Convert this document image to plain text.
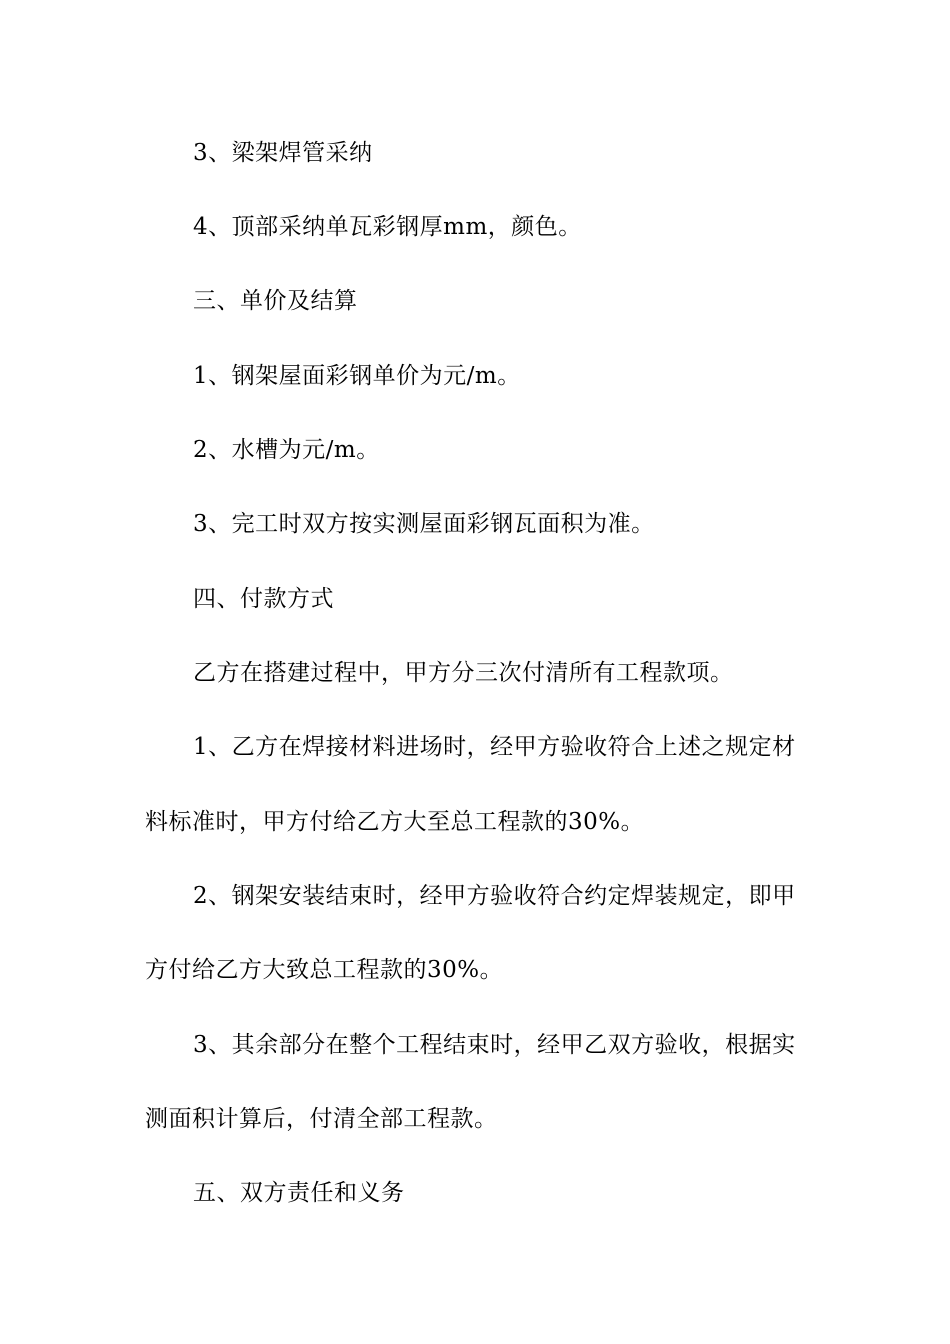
3、梁架焊管采纳
4、顶部采纳单瓦彩钢厚mm，颜色。
三、单价及结算
1、钢架屋面彩钢单价为元/m。
2、水槽为元/m。
3、完工时双方按实测屋面彩钢瓦面积为准。
四、付款方式
乙方在搭建过程中，甲方分三次付清所有工程款项。
1、乙方在焊接材料进场时，经甲方验收符合上述之规定材
料标准时，甲方付给乙方大至总工程款的30%。
2、钢架安装结束时，经甲方验收符合约定焊装规定，即甲
方付给乙方大致总工程款的30%。
3、其余部分在整个工程结束时，经甲乙双方验收，根据实
测面积计算后，付清全部工程款。
五、双方责任和义务
